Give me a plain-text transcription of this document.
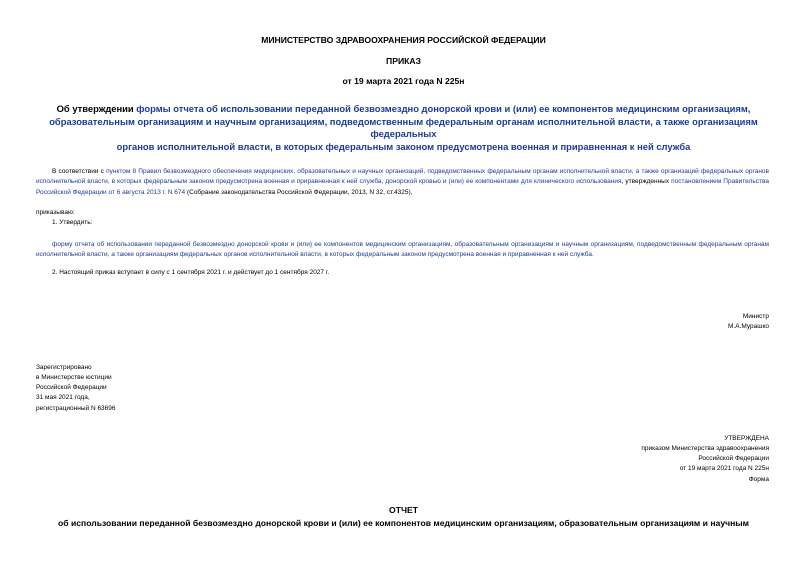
МИНИСТЕРСТВО ЗДРАВООХРАНЕНИЯ РОССИЙСКОЙ ФЕДЕРАЦИИ
ПРИКАЗ
от 19 марта 2021 года N 225н
Об утверждении формы отчета об использовании переданной безвозмездно донорской крови и (или) ее компонентов медицинским организациям,
образовательным организациям и научным организациям, подведомственным федеральным органам исполнительной власти, а также организациям федеральных
органов исполнительной власти, в которых федеральным законом предусмотрена военная и приравненная к ней служба
В соответствии с пунктом 8 Правил безвозмездного обеспечения медицинских, образовательных и научных организаций, подведомственных федеральным органам исполнительной власти, а также организаций федеральных органов исполнительной власти, в которых федеральным законом предусмотрена военная и приравненная к ней служба, донорской кровью и (или) ее компонентами для клинического использования, утвержденных постановлением Правительства Российской Федерации от 6 августа 2013 г. N 674 (Собрание законодательства Российской Федерации, 2013, N 32, ст.4325),
приказываю:
1. Утвердить:
форму отчета об использовании переданной безвозмездно донорской крови и (или) ее компонентов медицинским организациям, образовательным организациям и научным организациям, подведомственным федеральным органам исполнительной власти, а также организациям федеральных органов исполнительной власти, в которых федеральным законом предусмотрена военная и приравненная к ней служба.
2. Настоящий приказ вступает в силу с 1 сентября 2021 г. и действует до 1 сентября 2027 г.
Министр
М.А.Мурашко
Зарегистрировано
в Министерстве юстиции
Российской Федерации
31 мая 2021 года,
регистрационный N 63696
УТВЕРЖДЕНА
приказом Министерства здравоохранения
Российской Федерации
от 19 марта 2021 года N 225н
Форма
ОТЧЕТ
об использовании переданной безвозмездно донорской крови и (или) ее компонентов медицинским организациям, образовательным организациям и научным
